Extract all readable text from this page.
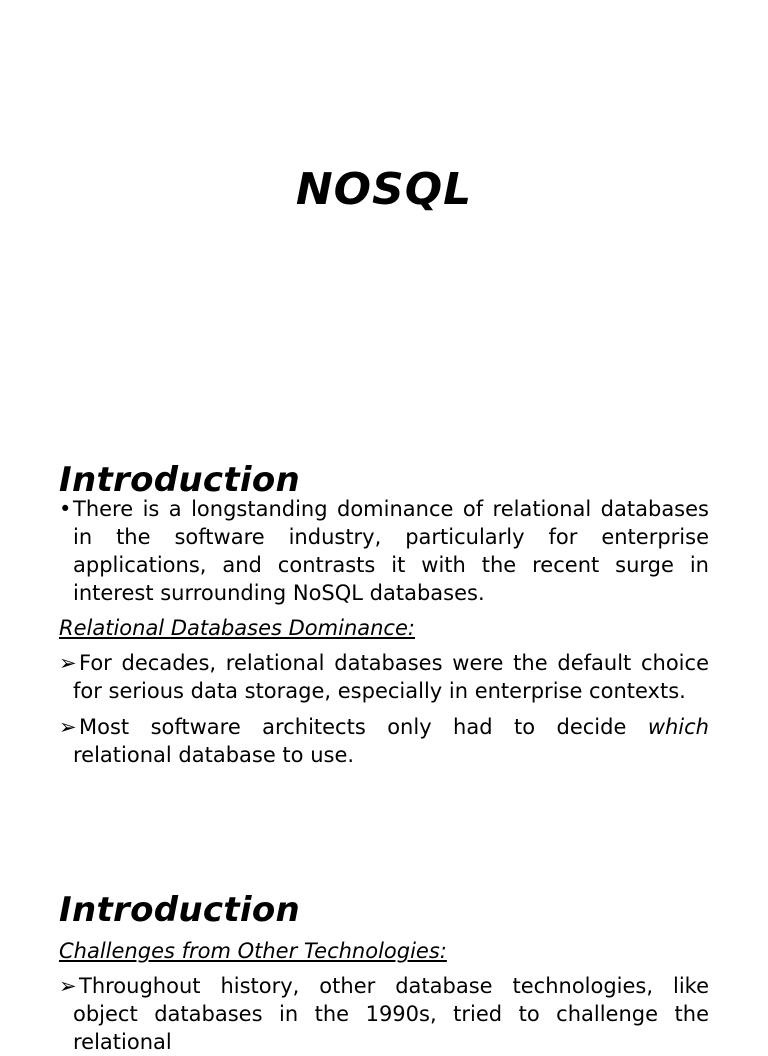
NOSQL
Introduction

• There is a longstanding dominance of relational databases in the software industry, particularly for enterprise applications, and contrasts it with the recent surge in interest surrounding NoSQL databases.

Relational Databases Dominance:

➢ For decades, relational databases were the default choice for serious data storage, especially in enterprise contexts.

➢ Most software architects only had to decide which relational database to use.

Introduction

Challenges from Other Technologies:

➢ Throughout history, other database technologies, like object databases in the 1990s, tried to challenge the relational
